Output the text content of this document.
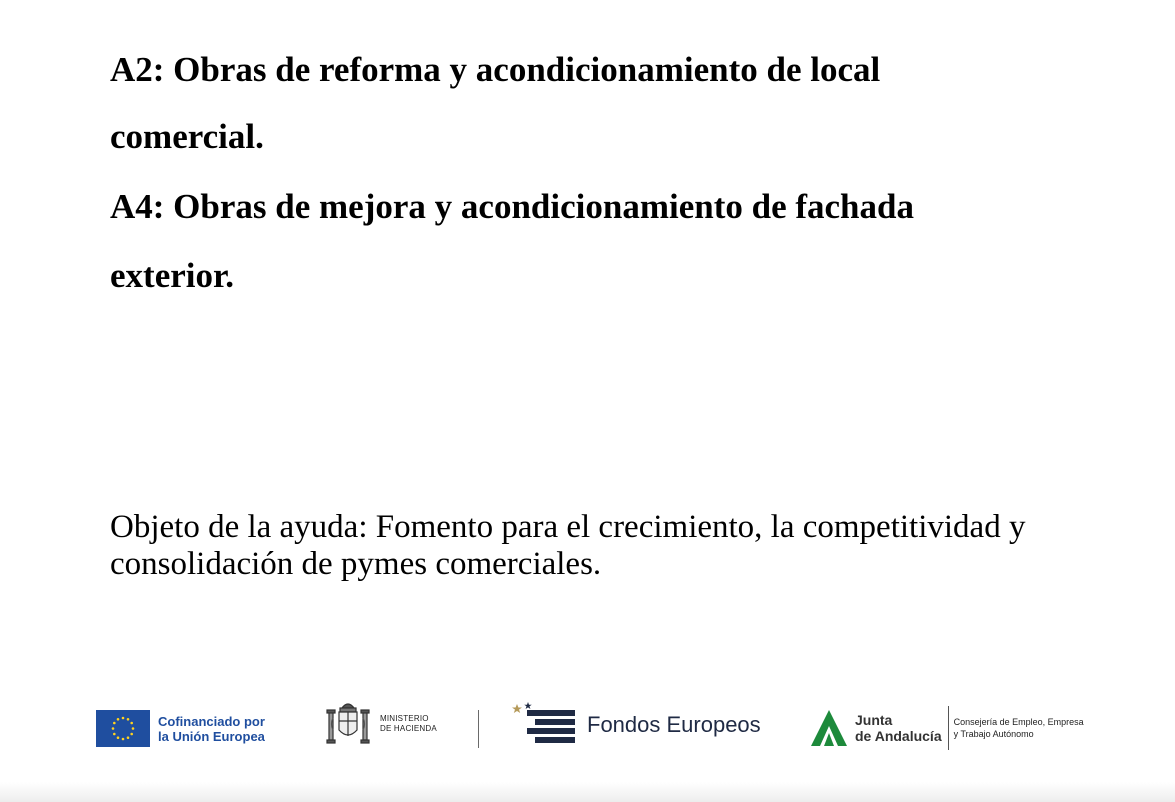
A2: Obras de reforma y acondicionamiento de local
comercial.
A4: Obras de mejora y acondicionamiento de fachada
exterior.
Objeto de la ayuda: Fomento para el crecimiento, la competitividad y consolidación de pymes comerciales.
Cofinanciado por
la Unión Europea
MINISTERIO
DE HACIENDA	Fondos Europeos	Junta
de Andalucía
Consejería de Empleo, Empresa
y Trabajo Autónomo
